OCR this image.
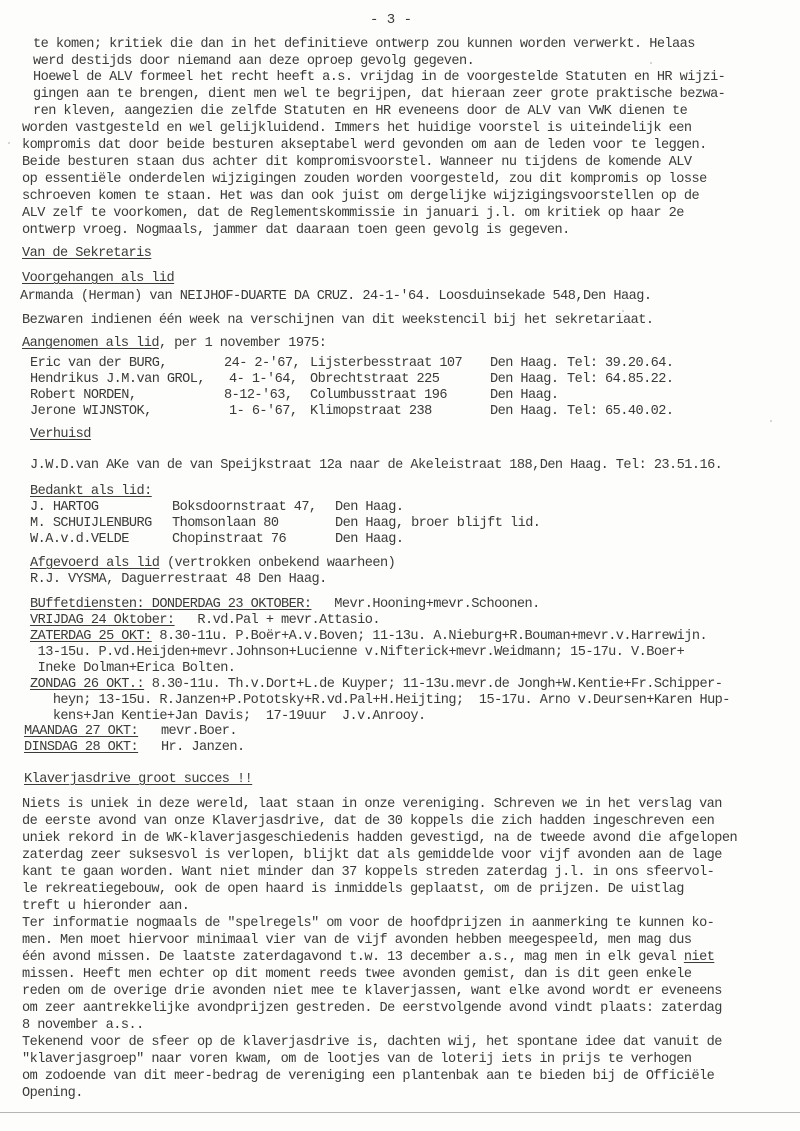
- 3 -
te komen; kritiek die dan in het definitieve ontwerp zou kunnen worden verwerkt. Helaas
werd destijds door niemand aan deze oproep gevolg gegeven.
Hoewel de ALV formeel het recht heeft a.s. vrijdag in de voorgestelde Statuten en HR wijzi-
gingen aan te brengen, dient men wel te begrijpen, dat hieraan zeer grote praktische bezwa-
ren kleven, aangezien die zelfde Statuten en HR eveneens door de ALV van VWK dienen te
worden vastgesteld en wel gelijkluidend. Immers het huidige voorstel is uiteindelijk een
kompromis dat door beide besturen akseptabel werd gevonden om aan de leden voor te leggen.
Beide besturen staan dus achter dit kompromisvoorstel. Wanneer nu tijdens de komende ALV
op essentiële onderdelen wijzigingen zouden worden voorgesteld, zou dit kompromis op losse
schroeven komen te staan. Het was dan ook juist om dergelijke wijzigingsvoorstellen op de
ALV zelf te voorkomen, dat de Reglementskommissie in januari j.l. om kritiek op haar 2e
ontwerp vroeg. Nogmaals, jammer dat daaraan toen geen gevolg is gegeven.
Van de Sekretaris
Voorgehangen als lid
Armanda (Herman) van NEIJHOF-DUARTE DA CRUZ. 24-1-'64. Loosduinsekade 548,Den Haag.
Bezwaren indienen één week na verschijnen van dit weekstencil bij het sekretariaat.
Aangenomen als lid, per 1 november 1975:
Eric van der BURG,	24- 2-'67, Lijsterbesstraat 107 Den Haag. Tel: 39.20.64.
Hendrikus J.M.van GROL, 4- 1-'64, Obrechtstraat 225	Den Haag. Tel: 64.85.22.
Robert NORDEN,	8-12-'63, Columbusstraat 196	Den Haag.
Jerone WIJNSTOK,	1- 6-'67, Klimopstraat 238	Den Haag. Tel: 65.40.02.
Verhuisd
J.W.D.van AKe van de van Speijkstraat 12a naar de Akeleistraat 188,Den Haag. Tel: 23.51.16.
Bedankt als lid:
J. HARTOG	Boksdoornstraat 47, Den Haag.
M. SCHUIJLENBURG Thomsonlaan 80	Den Haag, broer blijft lid.
W.A.v.d.VELDE	Chopinstraat 76	Den Haag.
Afgevoerd als lid (vertrokken onbekend waarheen)
R.J. VYSMA, Daguerrestraat 48 Den Haag.
BUffetdiensten: DONDERDAG 23 OKTOBER:   Mevr.Hooning+mevr.Schoonen.
VRIJDAG 24 Oktober:   R.vd.Pal + mevr.Attasio.
ZATERDAG 25 OKT: 8.30-11u. P.Boër+A.v.Boven; 11-13u. A.Nieburg+R.Bouman+mevr.v.Harrewijn.
13-15u. P.vd.Heijden+mevr.Johnson+Lucienne v.Nifterick+mevr.Weidmann; 15-17u. V.Boer+
Ineke Dolman+Erica Bolten.
ZONDAG 26 OKT.: 8.30-11u. Th.v.Dort+L.de Kuyper; 11-13u.mevr.de Jongh+W.Kentie+Fr.Schipper-
heyn; 13-15u. R.Janzen+P.Pototsky+R.vd.Pal+H.Heijting;  15-17u. Arno v.Deursen+Karen Hup-
kens+Jan Kentie+Jan Davis;  17-19uur  J.v.Anrooy.
MAANDAG 27 OKT:   mevr.Boer.
DINSDAG 28 OKT:   Hr. Janzen.
Klaverjasdrive groot succes !!
Niets is uniek in deze wereld, laat staan in onze vereniging. Schreven we in het verslag van
de eerste avond van onze Klaverjasdrive, dat de 30 koppels die zich hadden ingeschreven een
uniek rekord in de WK-klaverjasgeschiedenis hadden gevestigd, na de tweede avond die afgelopen
zaterdag zeer suksesvol is verlopen, blijkt dat als gemiddelde voor vijf avonden aan de lage
kant te gaan worden. Want niet minder dan 37 koppels streden zaterdag j.l. in ons sfeervol-
le rekreatiegebouw, ook de open haard is inmiddels geplaatst, om de prijzen. De uistlag
treft u hieronder aan.
Ter informatie nogmaals de "spelregels" om voor de hoofdprijzen in aanmerking te kunnen ko-
men. Men moet hiervoor minimaal vier van de vijf avonden hebben meegespeeld, men mag dus
één avond missen. De laatste zaterdagavond t.w. 13 december a.s., mag men in elk geval niet
missen. Heeft men echter op dit moment reeds twee avonden gemist, dan is dit geen enkele
reden om de overige drie avonden niet mee te klaverjassen, want elke avond wordt er eveneens
om zeer aantrekkelijke avondprijzen gestreden. De eerstvolgende avond vindt plaats: zaterdag
8 november a.s..
Tekenend voor de sfeer op de klaverjasdrive is, dachten wij, het spontane idee dat vanuit de
"klaverjasgroep" naar voren kwam, om de lootjes van de loterij iets in prijs te verhogen
om zodoende van dit meer-bedrag de vereniging een plantenbak aan te bieden bij de Officiële
Opening.
